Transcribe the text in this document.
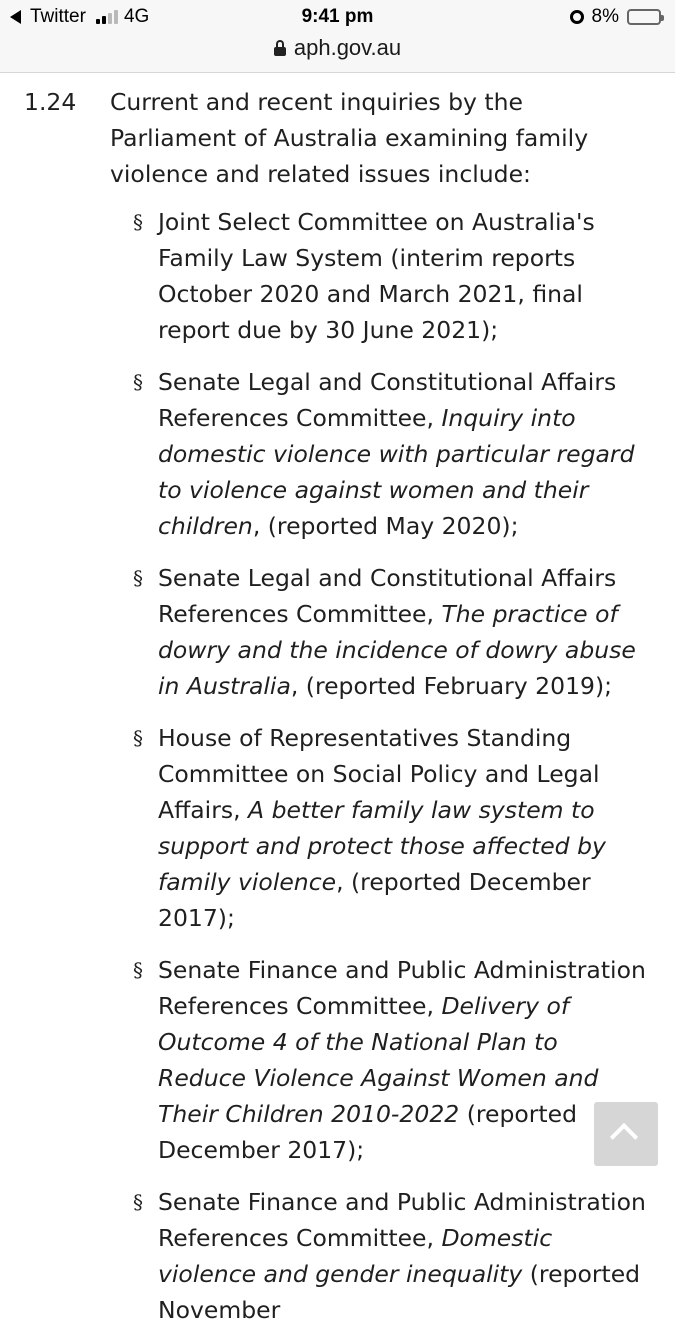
Twitter 4G	9:41 pm	8%
aph.gov.au
1.24 Current and recent inquiries by the Parliament of Australia examining family violence and related issues include:
§ Joint Select Committee on Australia's Family Law System (interim reports October 2020 and March 2021, final report due by 30 June 2021);
§ Senate Legal and Constitutional Affairs References Committee, Inquiry into domestic violence with particular regard to violence against women and their children, (reported May 2020);
§ Senate Legal and Constitutional Affairs References Committee, The practice of dowry and the incidence of dowry abuse in Australia, (reported February 2019);
§ House of Representatives Standing Committee on Social Policy and Legal Affairs, A better family law system to support and protect those affected by family violence, (reported December 2017);
§ Senate Finance and Public Administration References Committee, Delivery of Outcome 4 of the National Plan to Reduce Violence Against Women and Their Children 2010-2022 (reported December 2017);
§ Senate Finance and Public Administration References Committee, Domestic violence and gender inequality (reported November
